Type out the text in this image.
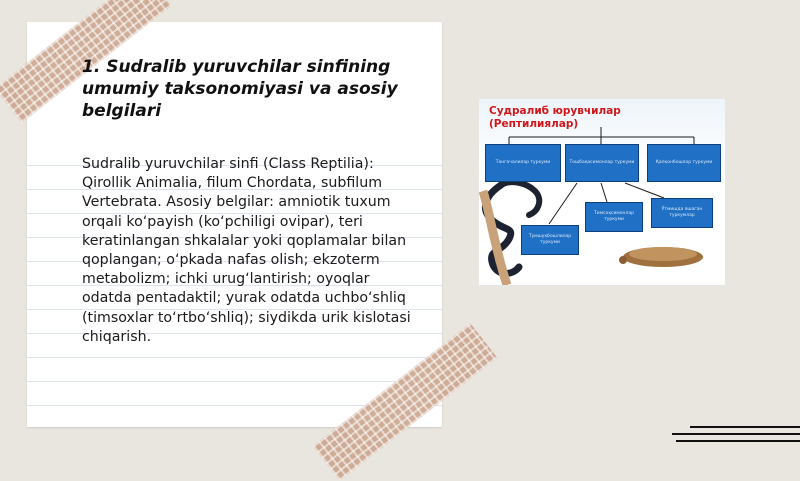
1. Sudralib yuruvchilar sinfining umumiy taksonomiyasi va asosiy belgilari

Sudralib yuruvchilar sinfi (Class Reptilia): Qirollik Animalia, filum Chordata, subfilum Vertebrata. Asosiy belgilar: amniotik tuxum orqali ko‘payish (ko‘pchiligi ovipar), teri keratinlangan shkalalar yoki qoplamalar bilan qoplangan; o‘pkada nafas olish; ekzoterm metabolizm; ichki urug‘lantirish; oyoqlar odatda pentadaktil; yurak odatda uchbo‘shliq (timsoxlar to‘rtbo‘shliq); siydikda urik kislotasi chiqarish.

Судралиб юрувчилар
(Рептилиялар)
Тангачалилар туркуми	Тошбақасимонлар туркуми	Қалқонбошлар туркуми
Тимсоҳсимонлар туркуми
Ўтмишда яшаган туркумлар
Тумшуқбошлилар туркуми
